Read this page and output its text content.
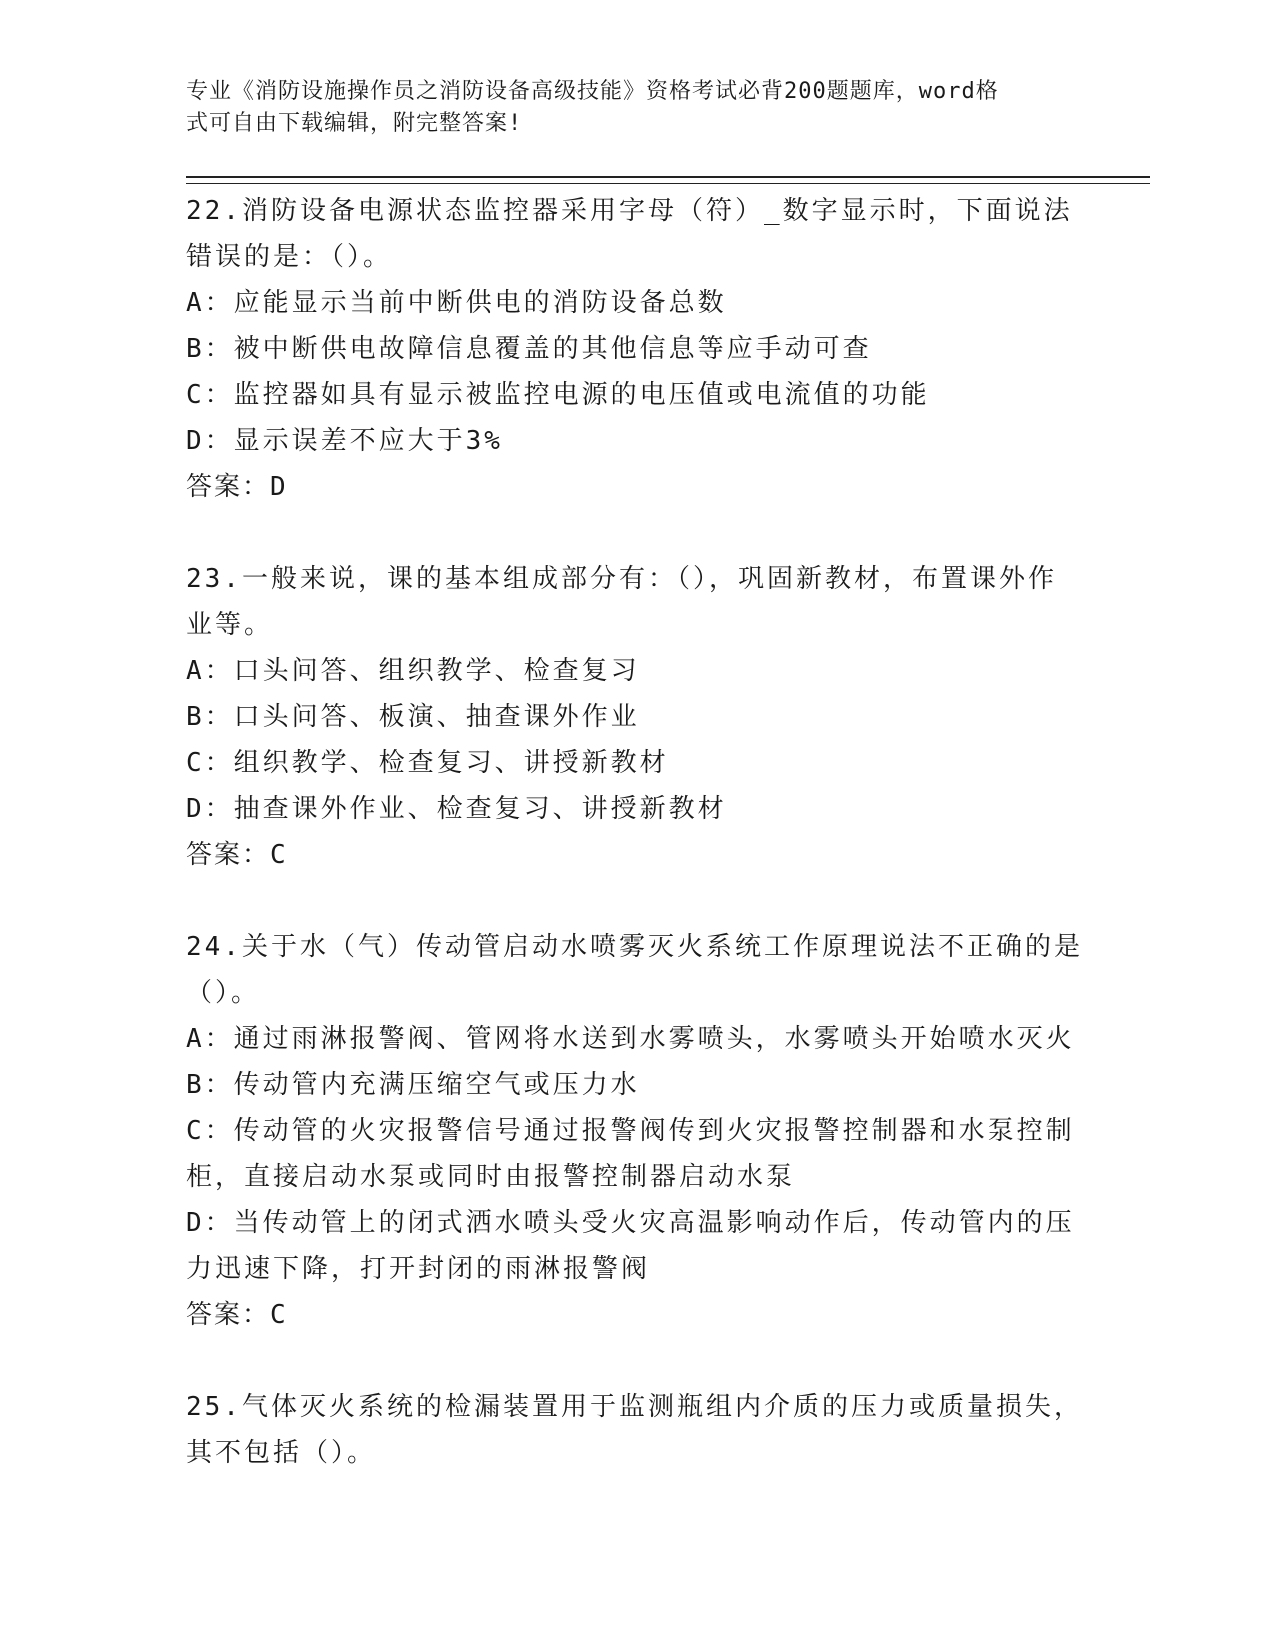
专业《消防设施操作员之消防设备高级技能》资格考试必背200题题库，word格
式可自由下载编辑，附完整答案!
22.消防设备电源状态监控器采用字母（符）_数字显示时，下面说法
错误的是：（）。
A：应能显示当前中断供电的消防设备总数
B：被中断供电故障信息覆盖的其他信息等应手动可查
C：监控器如具有显示被监控电源的电压值或电流值的功能
D：显示误差不应大于3%
答案：D
23.一般来说，课的基本组成部分有：（），巩固新教材，布置课外作
业等。
A：口头问答、组织教学、检查复习
B：口头问答、板演、抽查课外作业
C：组织教学、检查复习、讲授新教材
D：抽查课外作业、检查复习、讲授新教材
答案：C
24.关于水（气）传动管启动水喷雾灭火系统工作原理说法不正确的是
（）。
A：通过雨淋报警阀、管网将水送到水雾喷头，水雾喷头开始喷水灭火
B：传动管内充满压缩空气或压力水
C：传动管的火灾报警信号通过报警阀传到火灾报警控制器和水泵控制
柜，直接启动水泵或同时由报警控制器启动水泵
D：当传动管上的闭式洒水喷头受火灾高温影响动作后，传动管内的压
力迅速下降，打开封闭的雨淋报警阀
答案：C
25.气体灭火系统的检漏装置用于监测瓶组内介质的压力或质量损失，
其不包括（）。
